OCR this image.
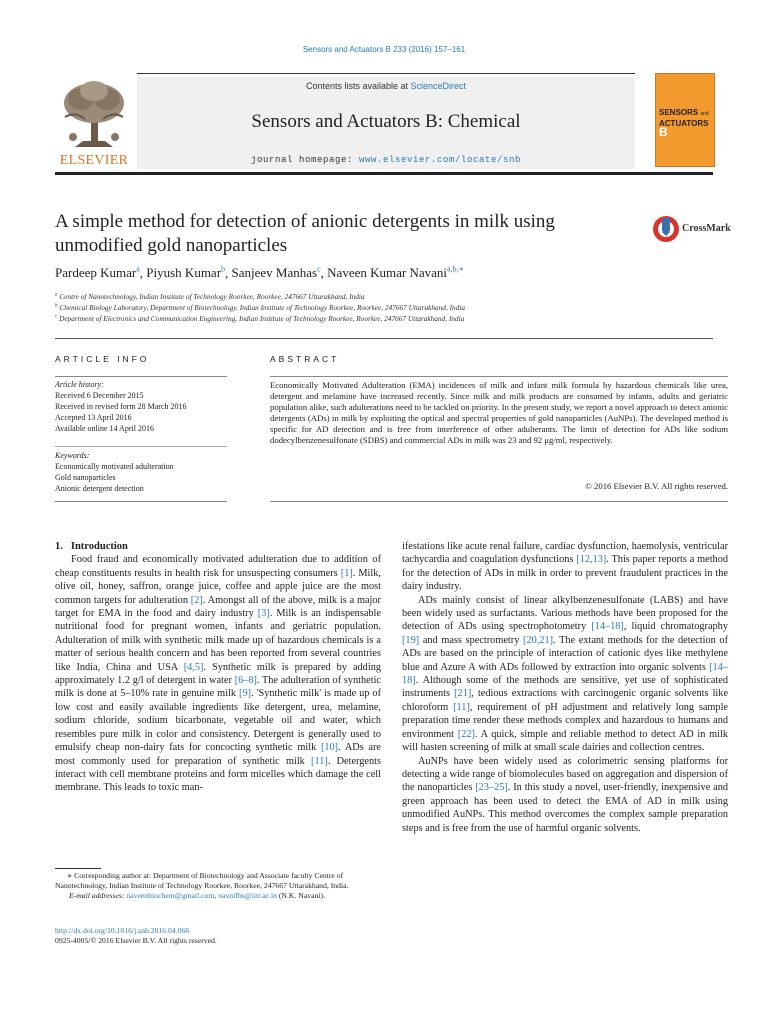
Sensors and Actuators B 233 (2016) 157–161
ELSEVIER
Contents lists available at ScienceDirect
Sensors and Actuators B: Chemical
journal homepage: www.elsevier.com/locate/snb
SENSORS and
ACTUATORS B
A simple method for detection of anionic detergents in milk using unmodified gold nanoparticles
CrossMark
Pardeep Kumar$^a$, Piyush Kumar$^b$, Sanjeev Manhas$^c$, Naveen Kumar Navani$^{a,b,∗}$
$^a$ Centre of Nanotechnology, Indian Institute of Technology Roorkee, Roorkee, 247667 Uttarakhand, India
$^b$ Chemical Biology Laboratory, Department of Biotechnology, Indian Institute of Technology Roorkee, Roorkee, 247667 Uttarakhand, India
$^c$ Department of Electronics and Communication Engineering, Indian Institute of Technology Roorkee, Roorkee, 247667 Uttarakhand, India
ARTICLE INFO	ABSTRACT
Article history:
Received 6 December 2015
Received in revised form 28 March 2016
Accepted 13 April 2016
Available online 14 April 2016
Keywords:
Economically motivated adulteration
Gold nanoparticles
Anionic detergent detection
Economically Motivated Adulteration (EMA) incidences of milk and infant milk formula by hazardous chemicals like urea, detergent and melamine have increased recently. Since milk and milk products are consumed by infants, adults and geriatric population alike, such adulterations need to be tackled on priority. In the present study, we report a novel approach to detect anionic detergents (ADs) in milk by exploiting the optical and spectral properties of gold nanoparticles (AuNPs). The developed method is specific for AD detection and is free from interference of other adulterants. The limit of detection for ADs like sodium dodecylbenzenesulfonate (SDBS) and commercial ADs in milk was 23 and 92 μg/ml, respectively.
© 2016 Elsevier B.V. All rights reserved.

1. Introduction

Food fraud and economically motivated adulteration due to addition of cheap constituents results in health risk for unsuspecting consumers [1]. Milk, olive oil, honey, saffron, orange juice, coffee and apple juice are the most common targets for adulteration [2]. Amongst all of the above, milk is a major target for EMA in the food and dairy industry [3]. Milk is an indispensable nutritional food for pregnant women, infants and geriatric population. Adulteration of milk with synthetic milk made up of hazardous chemicals is a matter of serious health concern and has been reported from several countries like India, China and USA [4,5]. Synthetic milk is prepared by adding approximately 1.2 g/l of detergent in water [6–8]. The adulteration of synthetic milk is done at 5–10% rate in genuine milk [9]. 'Synthetic milk' is made up of low cost and easily available ingredients like detergent, urea, melamine, sodium chloride, sodium bicarbonate, vegetable oil and water, which resembles pure milk in color and consistency. Detergent is generally used to emulsify cheap non-dairy fats for concocting synthetic milk [10]. ADs are most commonly used for preparation of synthetic milk [11]. Detergents interact with cell membrane proteins and form micelles which damage the cell membrane. This leads to toxic man-

ifestations like acute renal failure, cardiac dysfunction, haemolysis, ventricular tachycardia and coagulation dysfunctions [12,13]. This paper reports a method for the detection of ADs in milk in order to prevent fraudulent practices in the dairy industry.

ADs mainly consist of linear alkylbenzenesulfonate (LABS) and have been widely used as surfactants. Various methods have been proposed for the detection of ADs using spectrophotometry [14–18], liquid chromatography [19] and mass spectrometry [20,21]. The extant methods for the detection of ADs are based on the principle of interaction of cationic dyes like methylene blue and Azure A with ADs followed by extraction into organic solvents [14–18]. Although some of the methods are sensitive, yet use of sophisticated instruments [21], tedious extractions with carcinogenic organic solvents like chloroform [11], requirement of pH adjustment and relatively long sample preparation time render these methods complex and hazardous to humans and environment [22]. A quick, simple and reliable method to detect AD in milk will hasten screening of milk at small scale dairies and collection centres.

AuNPs have been widely used as colorimetric sensing platforms for detecting a wide range of biomolecules based on aggregation and dispersion of the nanoparticles [23–25]. In this study a novel, user-friendly, inexpensive and green approach has been used to detect the EMA of AD in milk using unmodified AuNPs. This method overcomes the complex sample preparation steps and is free from the use of harmful organic solvents.

∗ Corresponding author at: Department of Biotechnology and Associate faculty Centre of Nanotechnology, Indian Institute of Technology Roorkee, Roorkee, 247667 Uttarakhand, India.
E-mail addresses: naveenbiochem@gmail.com, navnifbs@iitr.ac.in (N.K. Navani).
http://dx.doi.org/10.1016/j.snb.2016.04.066
0925-4005/© 2016 Elsevier B.V. All rights reserved.
